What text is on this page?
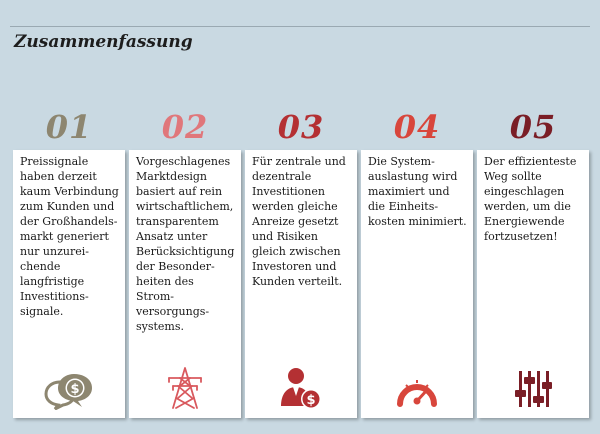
Zusammenfassung
01
Preissignale
haben derzeit
kaum Verbindung
zum Kunden und
der Großhandels-
markt generiert
nur unzurei-
chende
langfristige
Investitions-
signale.
$
02
Vorgeschlagenes
Marktdesign
basiert auf rein
wirtschaftlichem,
transparentem
Ansatz unter
Berücksichtigung
der Besonder-
heiten des Strom-
versorgungs-
systems.
03
Für zentrale und
dezentrale
Investitionen
werden gleiche
Anreize gesetzt
und Risiken
gleich zwischen
Investoren und
Kunden verteilt.
$
04
Die System-
auslastung wird
maximiert und
die Einheits-
kosten minimiert.
05
Der effizienteste
Weg sollte
eingeschlagen
werden, um die
Energiewende
fortzusetzen!
